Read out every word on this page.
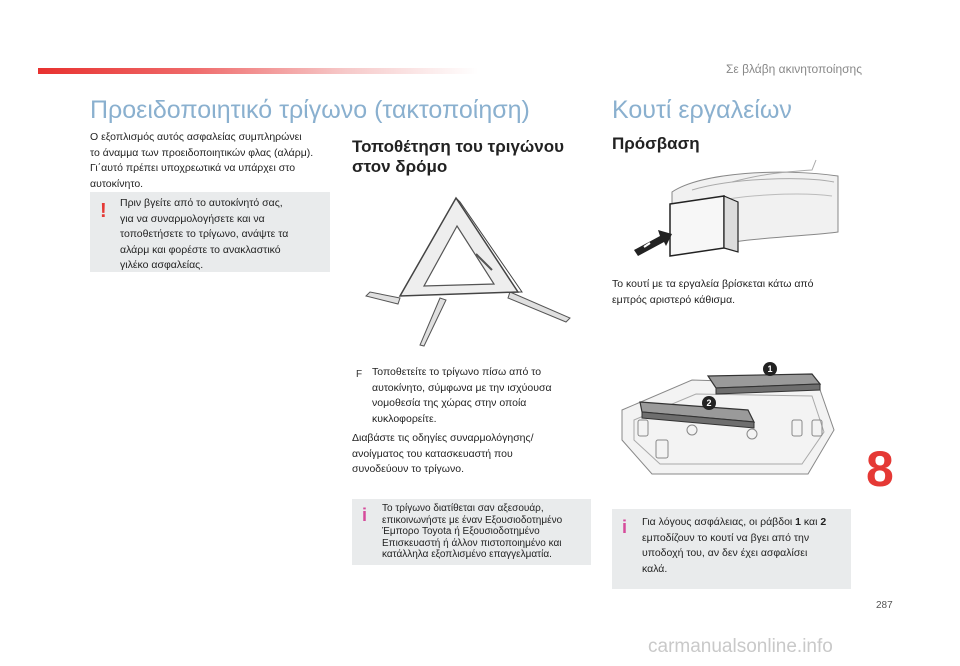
Σε βλάβη ακινητοποίησης
Προειδοποιητικό τρίγωνο (τακτοποίηση)
Ο εξοπλισμός αυτός ασφαλείας συμπληρώνει
το άναμμα των προειδοποιητικών φλας (αλάρμ).
Γι΄αυτό πρέπει υποχρεωτικά να υπάρχει στο
αυτοκίνητο.
! Πριν βγείτε από το αυτοκίνητό σας,
για να συναρμολογήσετε και να
τοποθετήσετε το τρίγωνο, ανάψτε τα
αλάρμ και φορέστε το ανακλαστικό
γιλέκο ασφαλείας.
Τοποθέτηση του τριγώνου
στον δρόμο
F Τοποθετείτε το τρίγωνο πίσω από το
αυτοκίνητο, σύμφωνα με την ισχύουσα
νομοθεσία της χώρας στην οποία
κυκλοφορείτε.
Διαβάστε τις οδηγίες συναρμολόγησης/
ανοίγματος του κατασκευαστή που
συνοδεύουν το τρίγωνο.
i Το τρίγωνο διατίθεται σαν αξεσουάρ,
επικοινωνήστε με έναν Εξουσιοδοτημένο
Έμπορο Toyota ή Εξουσιοδοτημένο
Επισκευαστή ή άλλον πιστοποιημένο και
κατάλληλα εξοπλισμένο επαγγελματία.
Κουτί εργαλείων
Πρόσβαση
Το κουτί με τα εργαλεία βρίσκεται κάτω από
εμπρός αριστερό κάθισμα.
1
2
i Για λόγους ασφάλειας, οι ράβδοι 1 και 2
εμποδίζουν το κουτί να βγει από την
υποδοχή του, αν δεν έχει ασφαλίσει
καλά.
8
287
carmanualsonline.info
